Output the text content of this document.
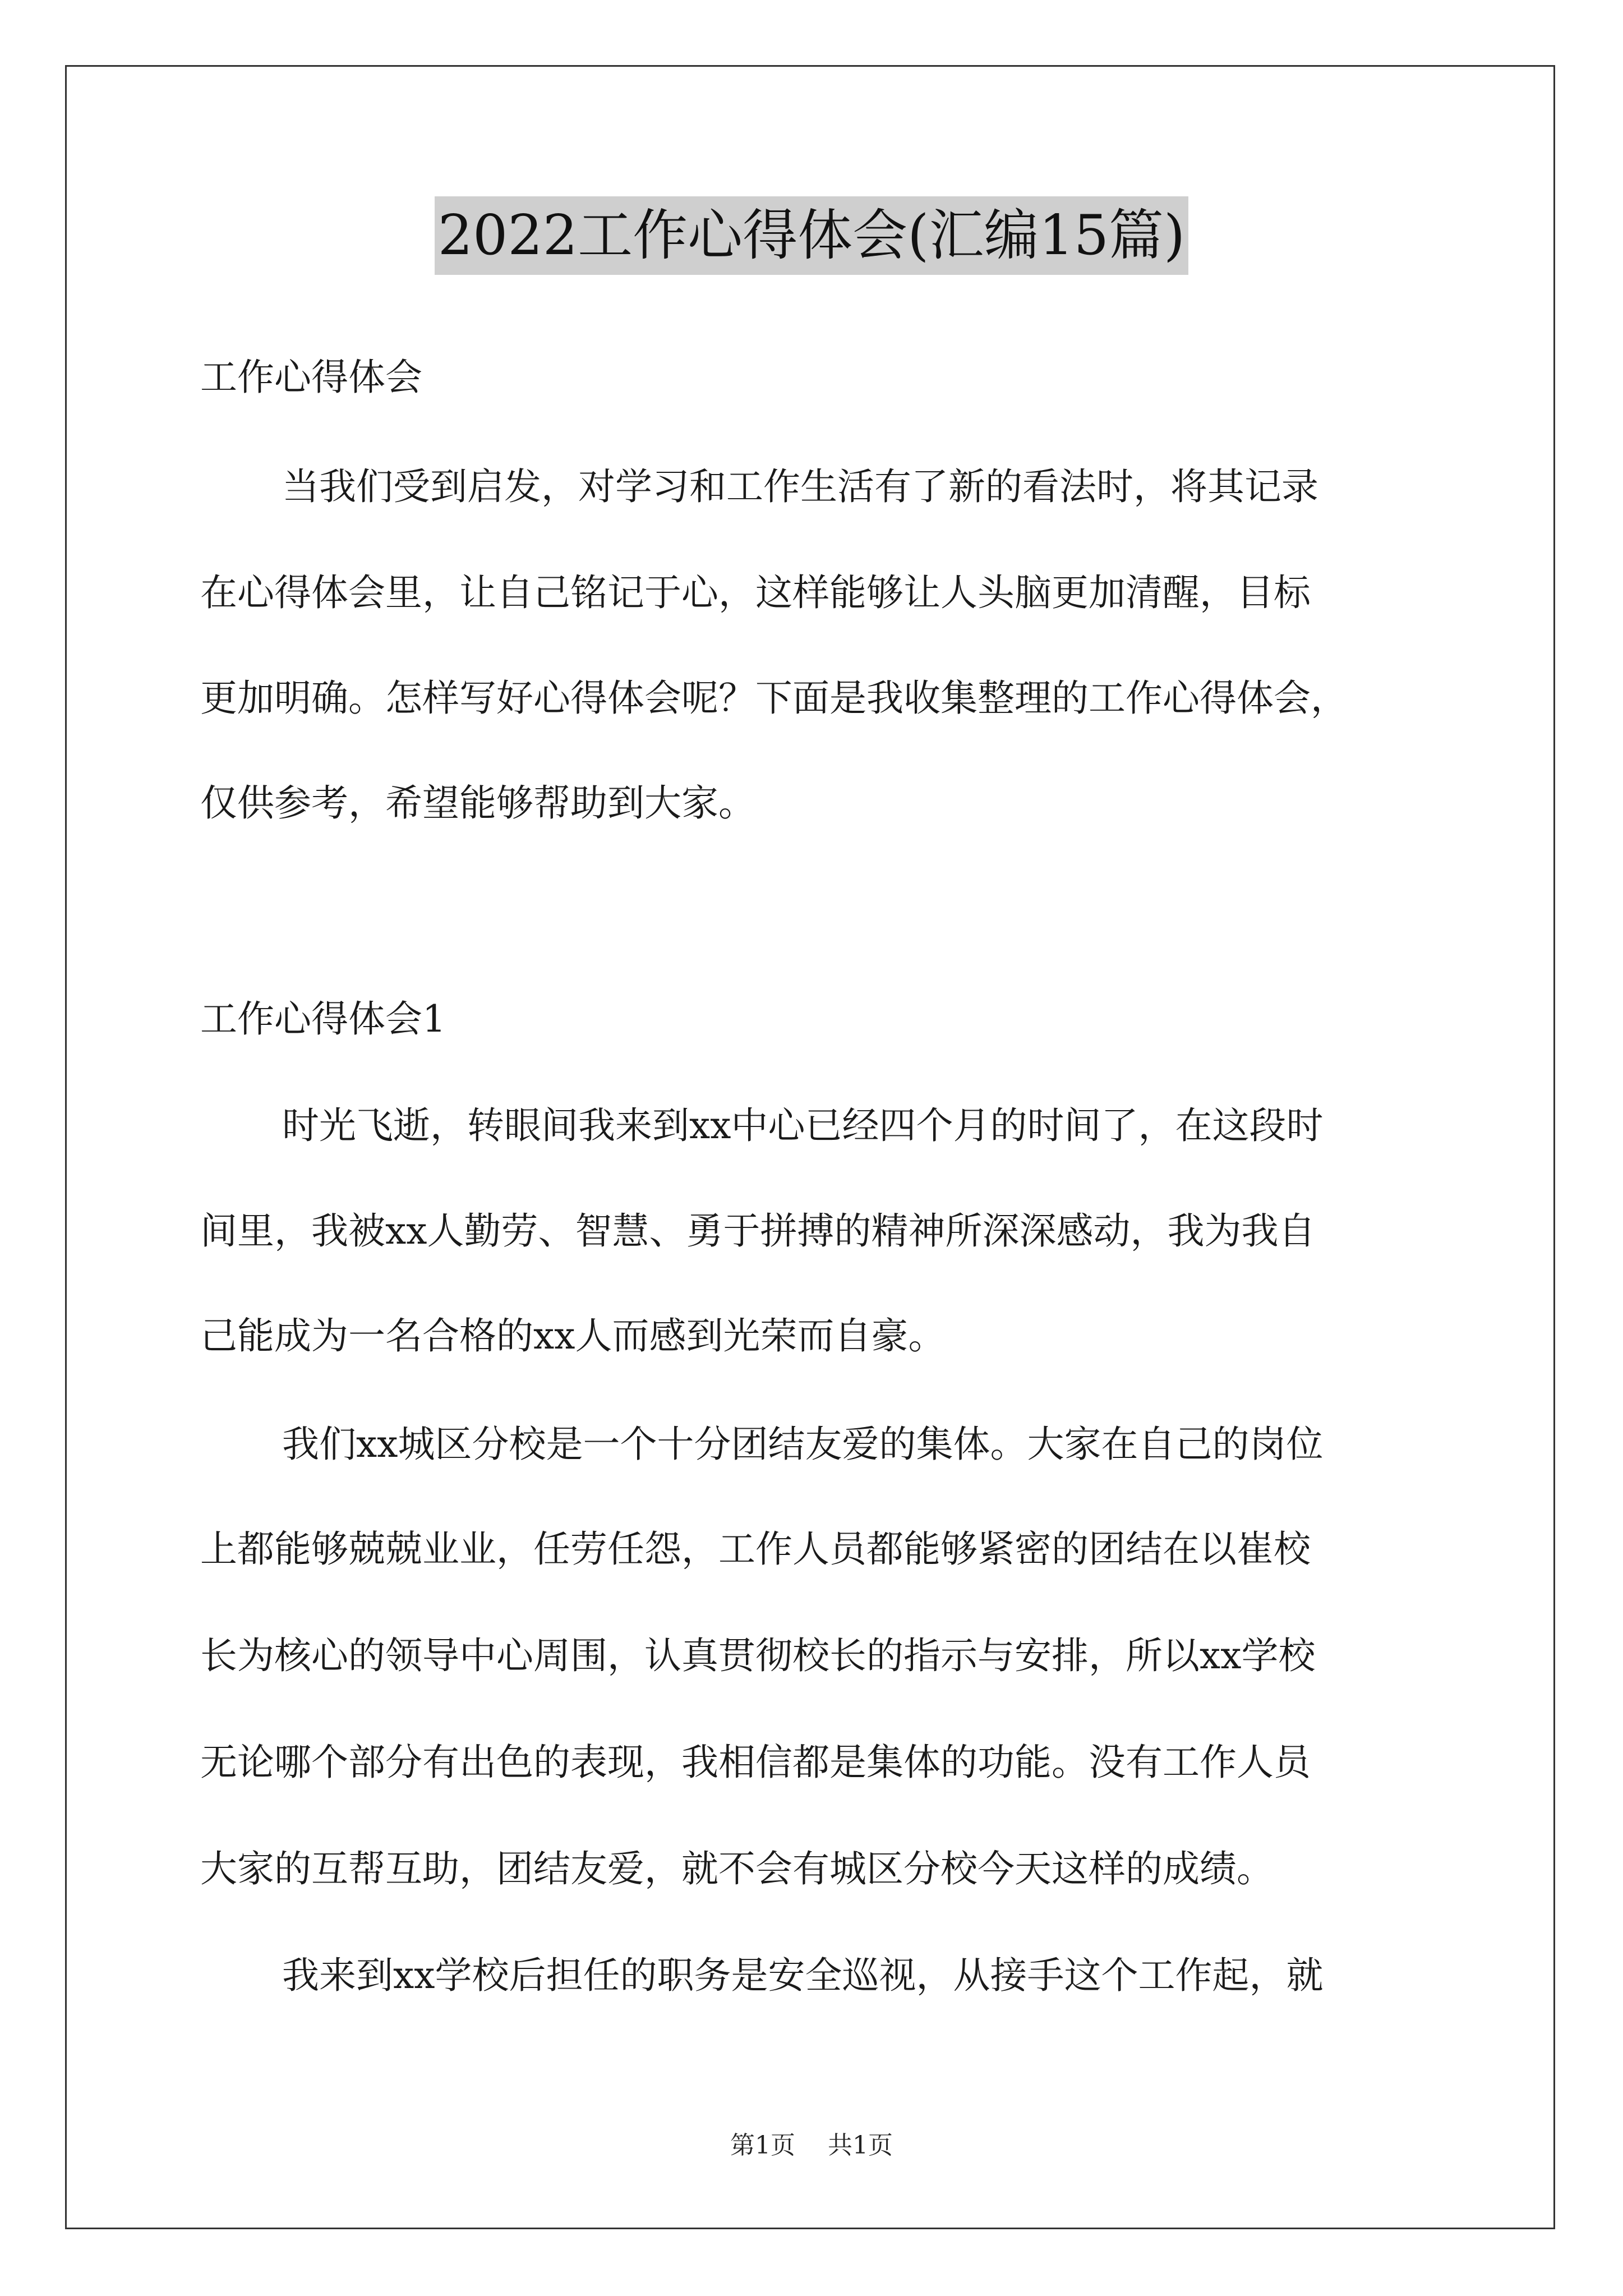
2022工作心得体会(汇编15篇)
工作心得体会
当我们受到启发，对学习和工作生活有了新的看法时，将其记录
在心得体会里，让自己铭记于心，这样能够让人头脑更加清醒，目标
更加明确。怎样写好心得体会呢？下面是我收集整理的工作心得体会，
仅供参考，希望能够帮助到大家。
工作心得体会1
时光飞逝，转眼间我来到xx中心已经四个月的时间了，在这段时
间里，我被xx人勤劳、智慧、勇于拼搏的精神所深深感动，我为我自
己能成为一名合格的xx人而感到光荣而自豪。
我们xx城区分校是一个十分团结友爱的集体。大家在自己的岗位
上都能够兢兢业业，任劳任怨，工作人员都能够紧密的团结在以崔校
长为核心的领导中心周围，认真贯彻校长的指示与安排，所以xx学校
无论哪个部分有出色的表现，我相信都是集体的功能。没有工作人员
大家的互帮互助，团结友爱，就不会有城区分校今天这样的成绩。
我来到xx学校后担任的职务是安全巡视，从接手这个工作起，就
第1页 共1页
